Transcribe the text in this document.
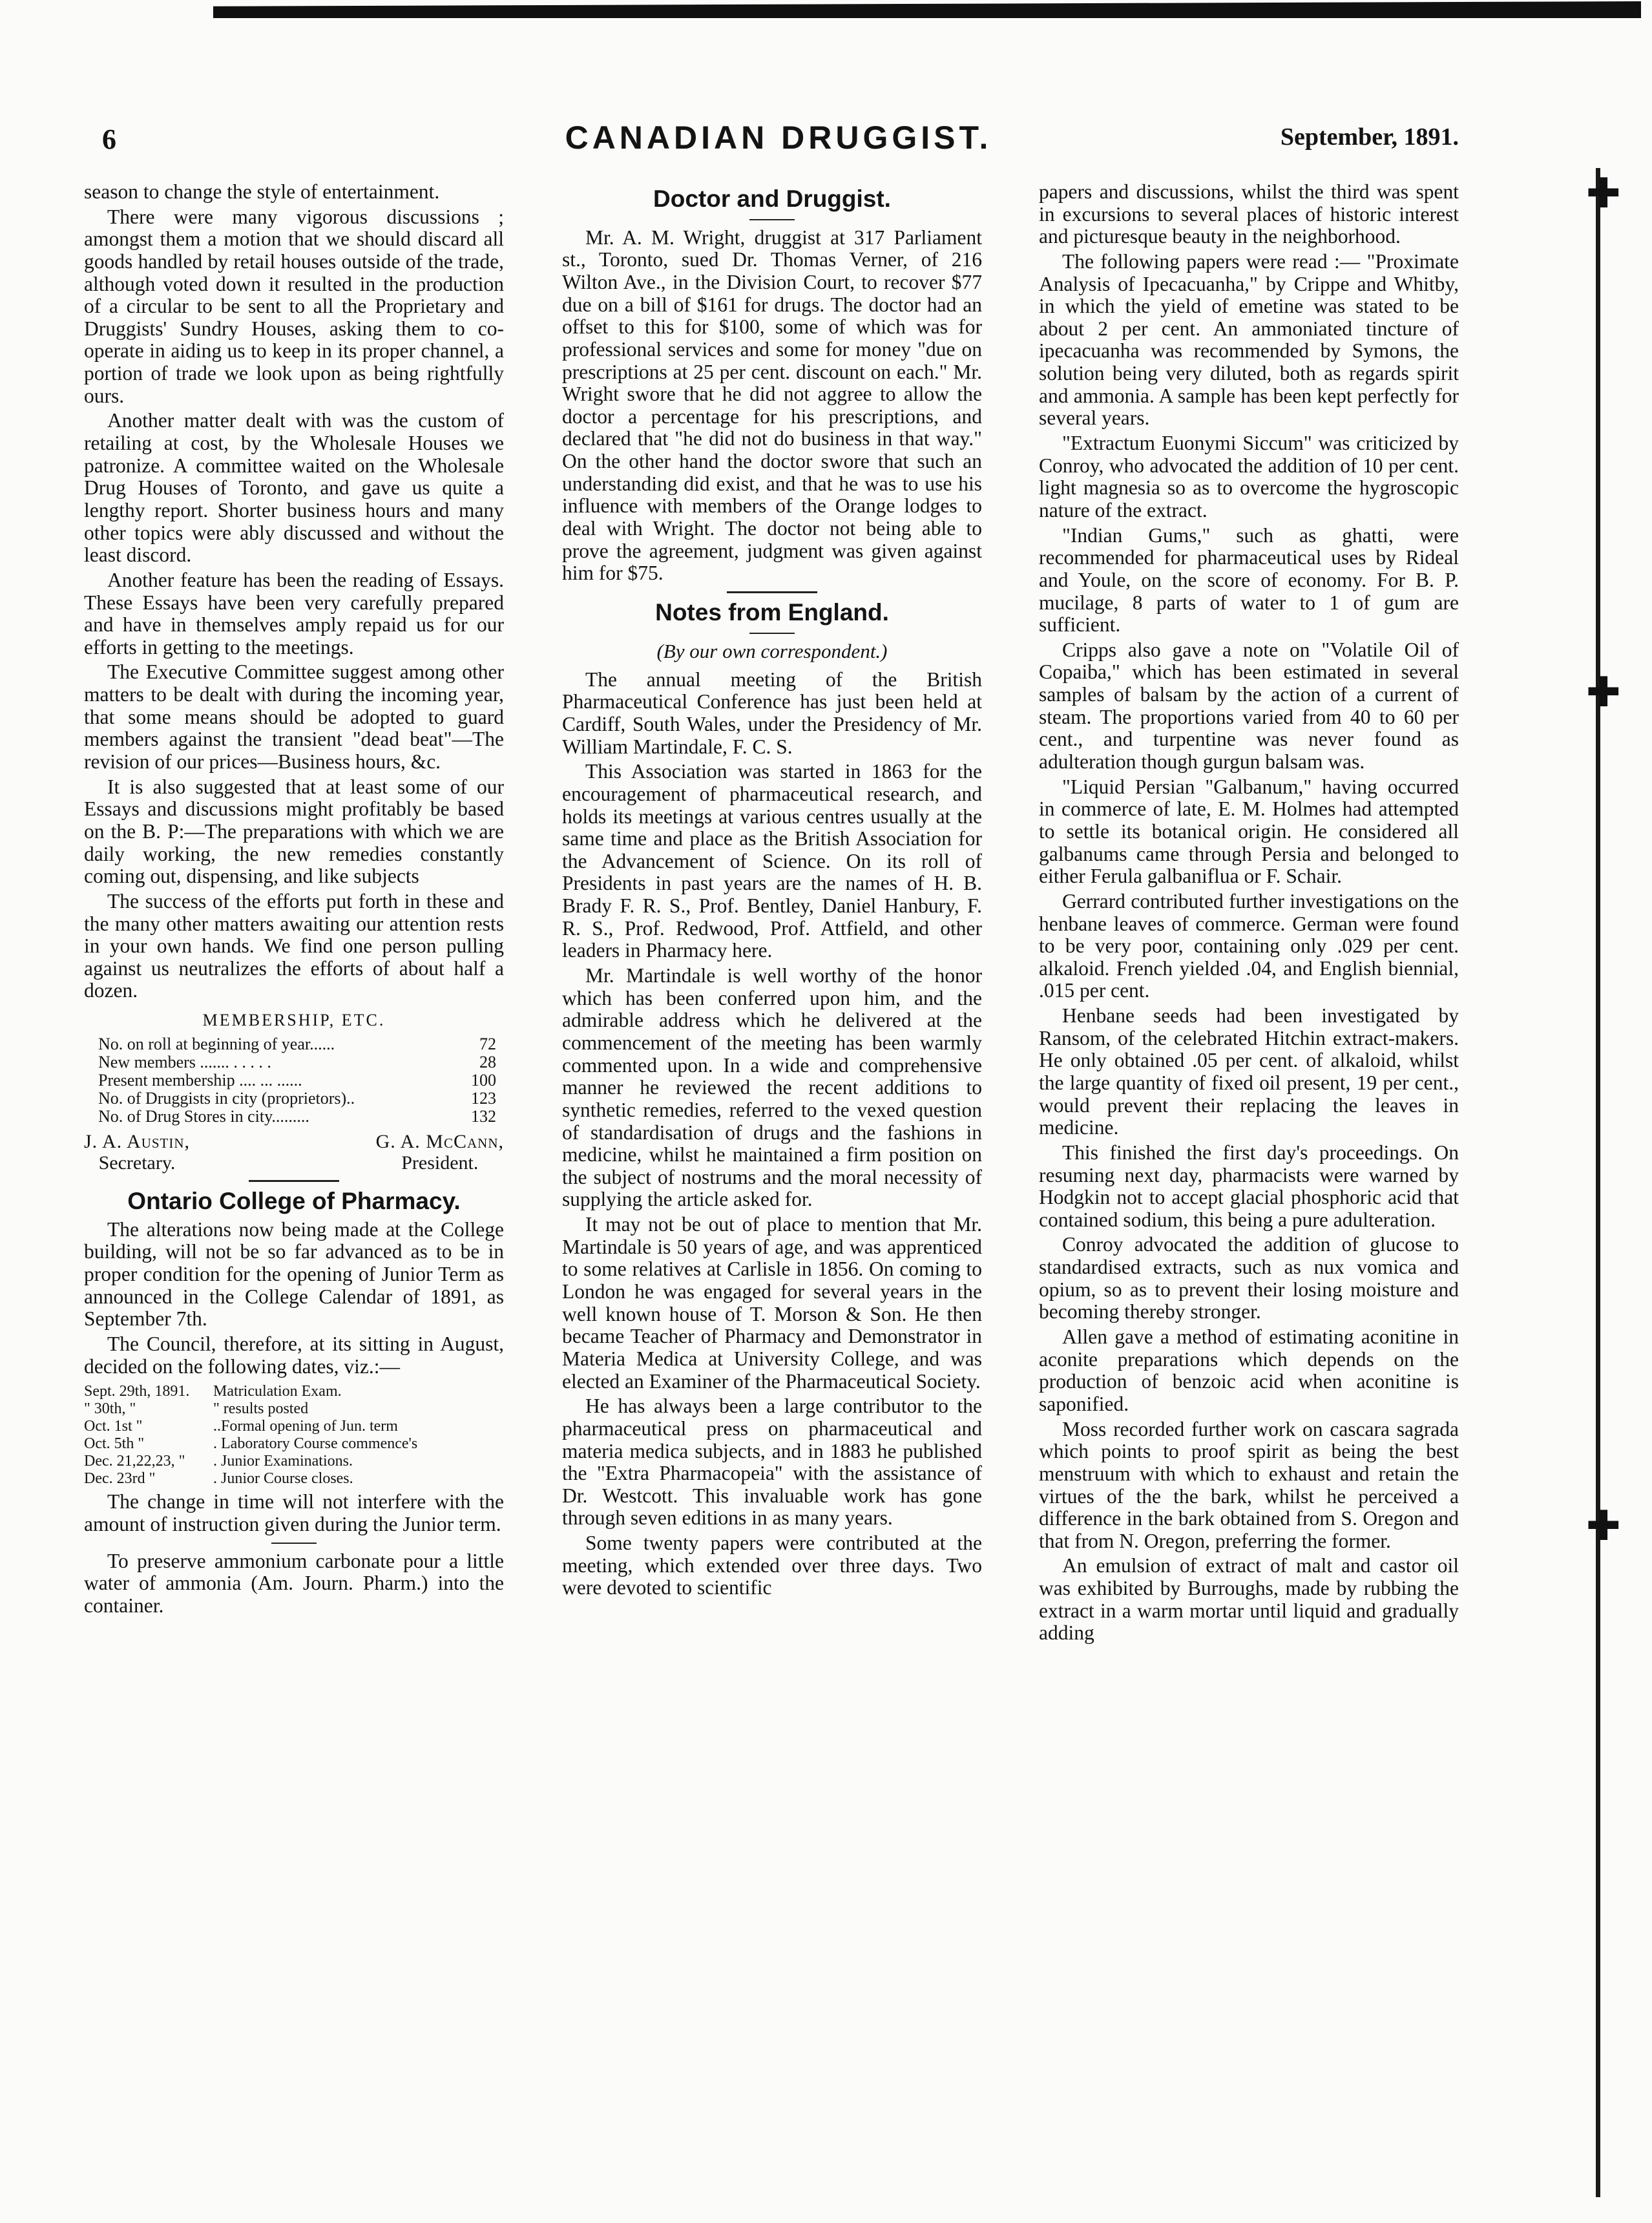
✚
✚
✚
6	CANADIAN DRUGGIST.	September, 1891.

season to change the style of entertainment.

There were many vigorous discussions ; amongst them a motion that we should discard all goods handled by retail houses outside of the trade, although voted down it resulted in the production of a circular to be sent to all the Proprietary and Druggists' Sundry Houses, asking them to co-operate in aiding us to keep in its proper channel, a portion of trade we look upon as being rightfully ours.

Another matter dealt with was the custom of retailing at cost, by the Wholesale Houses we patronize. A committee waited on the Wholesale Drug Houses of Toronto, and gave us quite a lengthy report. Shorter business hours and many other topics were ably discussed and without the least discord.

Another feature has been the reading of Essays. These Essays have been very carefully prepared and have in themselves amply repaid us for our efforts in getting to the meetings.

The Executive Committee suggest among other matters to be dealt with during the incoming year, that some means should be adopted to guard members against the transient "dead beat"—The revision of our prices—Business hours, &c.

It is also suggested that at least some of our Essays and discussions might profitably be based on the B. P:—The preparations with which we are daily working, the new remedies constantly coming out, dispensing, and like subjects

The success of the efforts put forth in these and the many other matters awaiting our attention rests in your own hands. We find one person pulling against us neutralizes the efforts of about half a dozen.

MEMBERSHIP, ETC.
No. on roll at beginning of year......	72
New members ....... . . . . .	28
Present membership .... ... ......	100
No. of Druggists in city (proprietors)..	123
No. of Drug Stores in city.........	132
J. A. Austin,
Secretary.
G. A. McCann,
President.
Ontario College of Pharmacy.

The alterations now being made at the College building, will not be so far advanced as to be in proper condition for the opening of Junior Term as announced in the College Calendar of 1891, as September 7th.

The Council, therefore, at its sitting in August, decided on the following dates, viz.:—

Sept. 29th, 1891.	Matriculation Exam.
" 30th, "	" results posted
Oct. 1st "	..Formal opening of Jun. term
Oct. 5th "	. Laboratory Course commence's
Dec. 21,22,23, "	. Junior Examinations.
Dec. 23rd "	. Junior Course closes.

The change in time will not interfere with the amount of instruction given during the Junior term.

To preserve ammonium carbonate pour a little water of ammonia (Am. Journ. Pharm.) into the container.

Doctor and Druggist.

Mr. A. M. Wright, druggist at 317 Parliament st., Toronto, sued Dr. Thomas Verner, of 216 Wilton Ave., in the Division Court, to recover $77 due on a bill of $161 for drugs. The doctor had an offset to this for $100, some of which was for professional services and some for money "due on prescriptions at 25 per cent. discount on each." Mr. Wright swore that he did not aggree to allow the doctor a percentage for his prescriptions, and declared that "he did not do business in that way." On the other hand the doctor swore that such an understanding did exist, and that he was to use his influence with members of the Orange lodges to deal with Wright. The doctor not being able to prove the agreement, judgment was given against him for $75.

Notes from England.
(By our own correspondent.)

The annual meeting of the British Pharmaceutical Conference has just been held at Cardiff, South Wales, under the Presidency of Mr. William Martindale, F. C. S.

This Association was started in 1863 for the encouragement of pharmaceutical research, and holds its meetings at various centres usually at the same time and place as the British Association for the Advancement of Science. On its roll of Presidents in past years are the names of H. B. Brady F. R. S., Prof. Bentley, Daniel Hanbury, F. R. S., Prof. Redwood, Prof. Attfield, and other leaders in Pharmacy here.

Mr. Martindale is well worthy of the honor which has been conferred upon him, and the admirable address which he delivered at the commencement of the meeting has been warmly commented upon. In a wide and comprehensive manner he reviewed the recent additions to synthetic remedies, referred to the vexed question of standardisation of drugs and the fashions in medicine, whilst he maintained a firm position on the subject of nostrums and the moral necessity of supplying the article asked for.

It may not be out of place to mention that Mr. Martindale is 50 years of age, and was apprenticed to some relatives at Carlisle in 1856. On coming to London he was engaged for several years in the well known house of T. Morson & Son. He then became Teacher of Pharmacy and Demonstrator in Materia Medica at University College, and was elected an Examiner of the Pharmaceutical Society.

He has always been a large contributor to the pharmaceutical press on pharmaceutical and materia medica subjects, and in 1883 he published the "Extra Pharmacopeia" with the assistance of Dr. Westcott. This invaluable work has gone through seven editions in as many years.

Some twenty papers were contributed at the meeting, which extended over three days. Two were devoted to scientific

papers and discussions, whilst the third was spent in excursions to several places of historic interest and picturesque beauty in the neighborhood.

The following papers were read :— "Proximate Analysis of Ipecacuanha," by Crippe and Whitby, in which the yield of emetine was stated to be about 2 per cent. An ammoniated tincture of ipecacuanha was recommended by Symons, the solution being very diluted, both as regards spirit and ammonia. A sample has been kept perfectly for several years.

"Extractum Euonymi Siccum" was criticized by Conroy, who advocated the addition of 10 per cent. light magnesia so as to overcome the hygroscopic nature of the extract.

"Indian Gums," such as ghatti, were recommended for pharmaceutical uses by Rideal and Youle, on the score of economy. For B. P. mucilage, 8 parts of water to 1 of gum are sufficient.

Cripps also gave a note on "Volatile Oil of Copaiba," which has been estimated in several samples of balsam by the action of a current of steam. The proportions varied from 40 to 60 per cent., and turpentine was never found as adulteration though gurgun balsam was.

"Liquid Persian "Galbanum," having occurred in commerce of late, E. M. Holmes had attempted to settle its botanical origin. He considered all galbanums came through Persia and belonged to either Ferula galbaniflua or F. Schair.

Gerrard contributed further investigations on the henbane leaves of commerce. German were found to be very poor, containing only .029 per cent. alkaloid. French yielded .04, and English biennial, .015 per cent.

Henbane seeds had been investigated by Ransom, of the celebrated Hitchin extract-makers. He only obtained .05 per cent. of alkaloid, whilst the large quantity of fixed oil present, 19 per cent., would prevent their replacing the leaves in medicine.

This finished the first day's proceedings. On resuming next day, pharmacists were warned by Hodgkin not to accept glacial phosphoric acid that contained sodium, this being a pure adulteration.

Conroy advocated the addition of glucose to standardised extracts, such as nux vomica and opium, so as to prevent their losing moisture and becoming thereby stronger.

Allen gave a method of estimating aconitine in aconite preparations which depends on the production of benzoic acid when aconitine is saponified.

Moss recorded further work on cascara sagrada which points to proof spirit as being the best menstruum with which to exhaust and retain the virtues of the the bark, whilst he perceived a difference in the bark obtained from S. Oregon and that from N. Oregon, preferring the former.

An emulsion of extract of malt and castor oil was exhibited by Burroughs, made by rubbing the extract in a warm mortar until liquid and gradually adding
